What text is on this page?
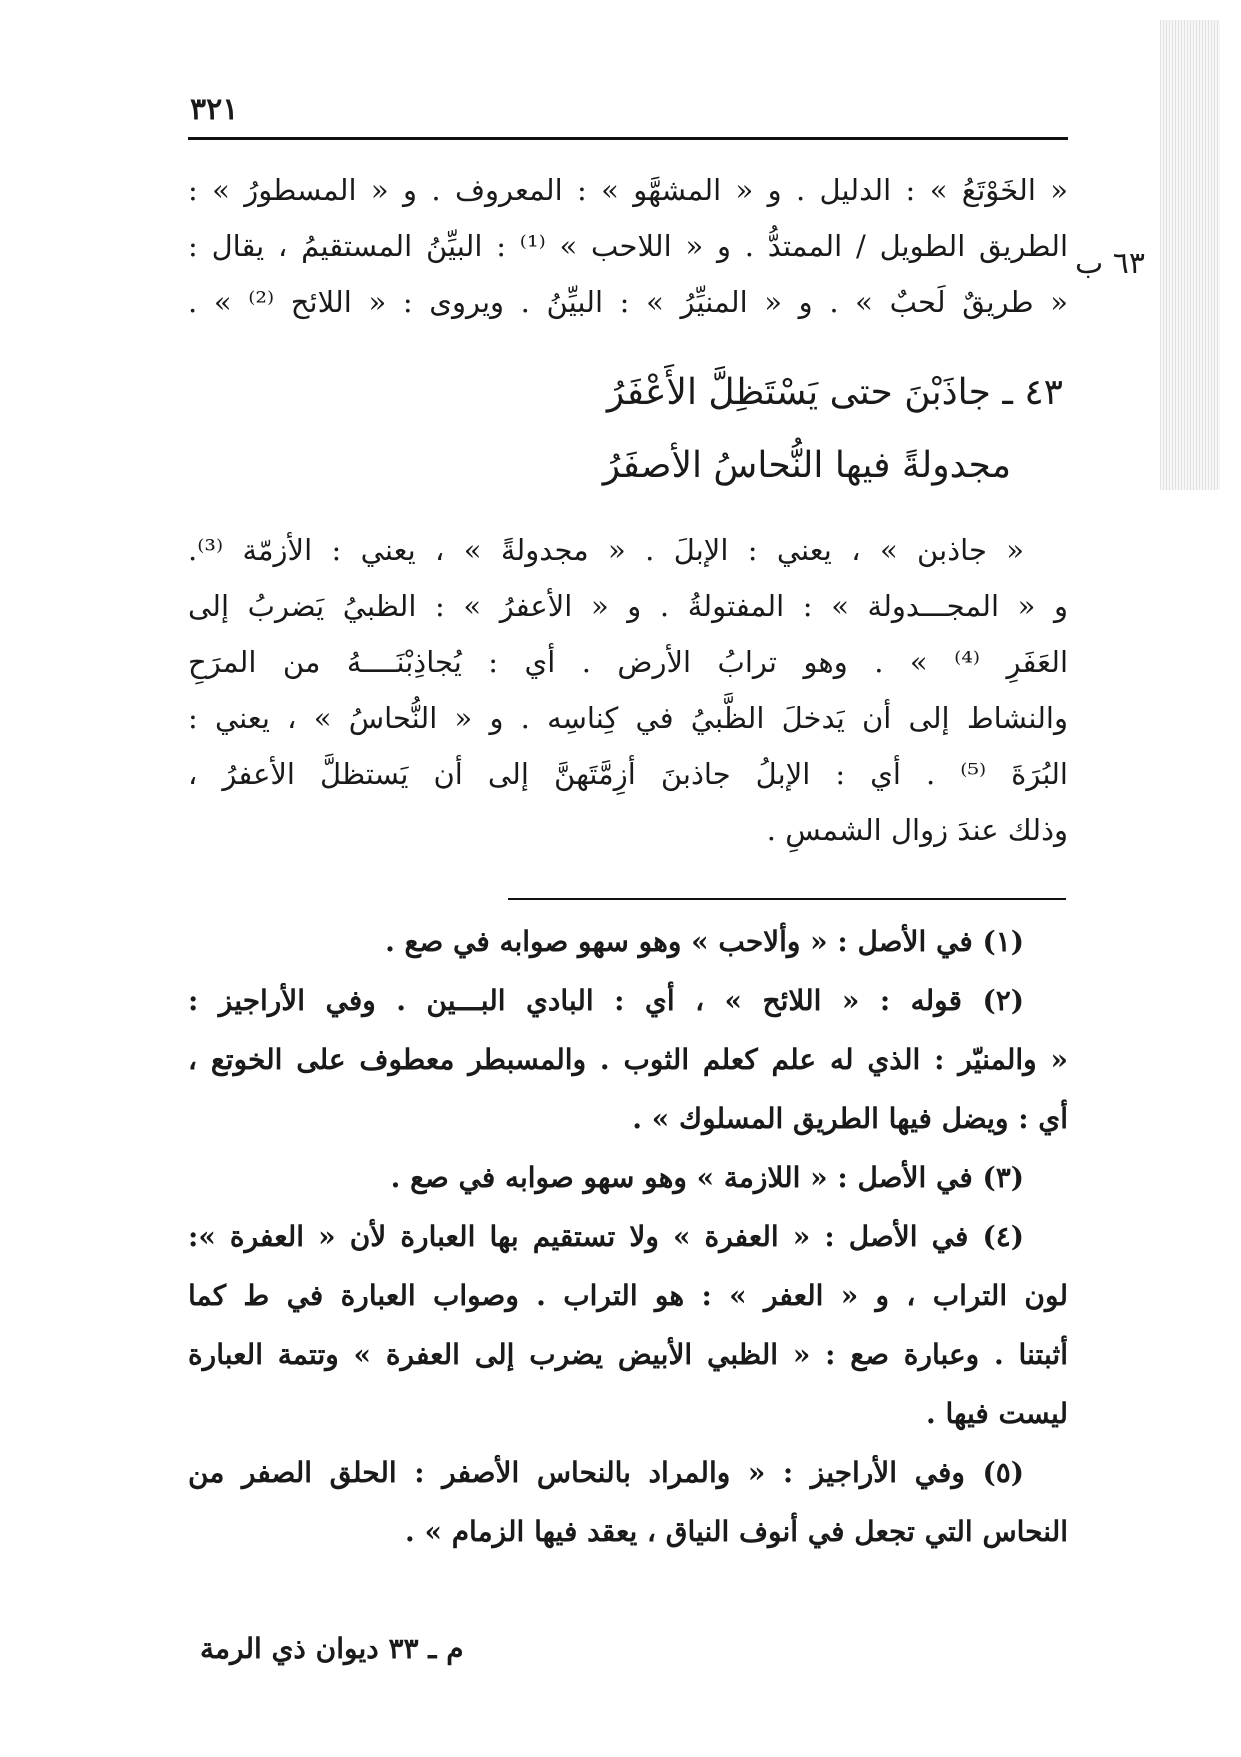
٣٢١
٦٣ ب
« الخَوْتَعُ » : الدليل . و « المشهَّو » : المعروف . و « المسطورُ » :
الطريق الطويل / الممتدُّ . و « اللاحب » ⁽¹⁾ : البيِّنُ المستقيمُ ، يقال :
« طريقٌ لَحبٌ » . و « المنيِّرُ » : البيِّنُ . ويروى : « اللائح ⁽²⁾ » .
٤٣ ـ جاذَبْنَ حتى يَسْتَظِلَّ الأَعْفَرُ
مجدولةً فيها النُّحاسُ الأصفَرُ
« جاذبن » ، يعني : الإبلَ . « مجدولةً » ، يعني : الأزمّة ⁽³⁾.
و « المجـــدولة » : المفتولةُ . و « الأعفرُ » : الظبيُ يَضربُ إلى
العَفَرِ ⁽⁴⁾ » . وهو ترابُ الأرض . أي : يُجاذِبْنَــــهُ من المرَحِ
والنشاط إلى أن يَدخلَ الظَّبيُ في كِناسِه . و « النُّحاسُ » ، يعني :
البُرَةَ ⁽⁵⁾ . أي : الإبلُ جاذبنَ أزِمَّتَهنَّ إلى أن يَستظلَّ الأعفرُ ،
وذلك عندَ زوال الشمسِ .
(١) في الأصل : « وألاحب » وهو سهو صوابه في صع .
(٢) قوله : « اللائح » ، أي : البادي البـــين . وفي الأراجيز :
« والمنيّر : الذي له علم كعلم الثوب . والمسبطر معطوف على الخوتع ،
أي : ويضل فيها الطريق المسلوك » .
(٣) في الأصل : « اللازمة » وهو سهو صوابه في صع .
(٤) في الأصل : « العفرة » ولا تستقيم بها العبارة لأن « العفرة »:
لون التراب ، و « العفر » : هو التراب . وصواب العبارة في ط كما
أثبتنا . وعبارة صع : « الظبي الأبيض يضرب إلى العفرة » وتتمة العبارة
ليست فيها .
(٥) وفي الأراجيز : « والمراد بالنحاس الأصفر : الحلق الصفر من
النحاس التي تجعل في أنوف النياق ، يعقد فيها الزمام » .
م ـ ٣٣ ديوان ذي الرمة
